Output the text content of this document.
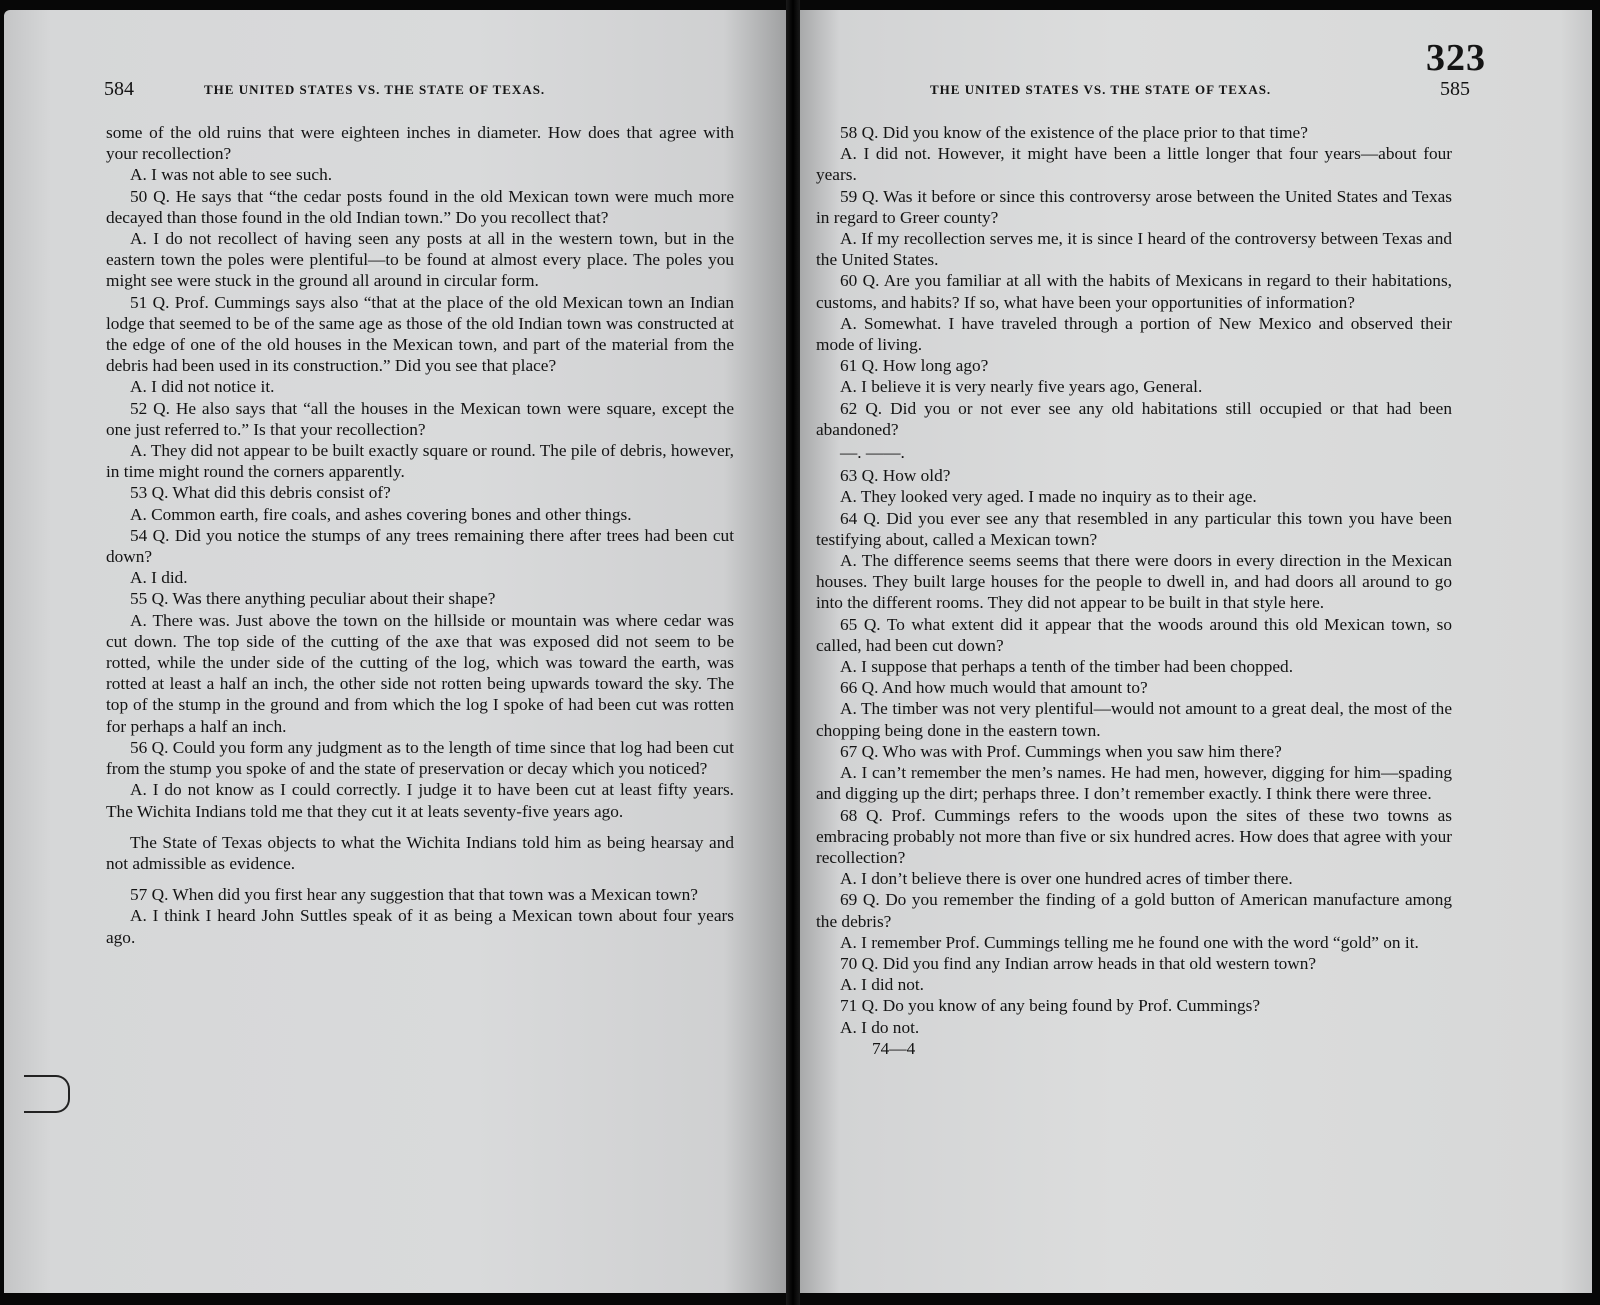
584	THE UNITED STATES VS. THE STATE OF TEXAS.

some of the old ruins that were eighteen inches in diameter. How does that agree with your recollection?

A. I was not able to see such.

50 Q. He says that “the cedar posts found in the old Mexican town were much more decayed than those found in the old Indian town.” Do you recollect that?

A. I do not recollect of having seen any posts at all in the western town, but in the eastern town the poles were plentiful—to be found at almost every place. The poles you might see were stuck in the ground all around in circular form.

51 Q. Prof. Cummings says also “that at the place of the old Mexican town an Indian lodge that seemed to be of the same age as those of the old Indian town was constructed at the edge of one of the old houses in the Mexican town, and part of the material from the debris had been used in its construction.” Did you see that place?

A. I did not notice it.

52 Q. He also says that “all the houses in the Mexican town were square, except the one just referred to.” Is that your recollection?

A. They did not appear to be built exactly square or round. The pile of debris, however, in time might round the corners apparently.

53 Q. What did this debris consist of?

A. Common earth, fire coals, and ashes covering bones and other things.

54 Q. Did you notice the stumps of any trees remaining there after trees had been cut down?

A. I did.

55 Q. Was there anything peculiar about their shape?

A. There was. Just above the town on the hillside or mountain was where cedar was cut down. The top side of the cutting of the axe that was exposed did not seem to be rotted, while the under side of the cutting of the log, which was toward the earth, was rotted at least a half an inch, the other side not rotten being upwards toward the sky. The top of the stump in the ground and from which the log I spoke of had been cut was rotten for perhaps a half an inch.

56 Q. Could you form any judgment as to the length of time since that log had been cut from the stump you spoke of and the state of preservation or decay which you noticed?

A. I do not know as I could correctly. I judge it to have been cut at least fifty years. The Wichita Indians told me that they cut it at leats seventy-five years ago.

The State of Texas objects to what the Wichita Indians told him as being hearsay and not admissible as evidence.

57 Q. When did you first hear any suggestion that that town was a Mexican town?

A. I think I heard John Suttles speak of it as being a Mexican town about four years ago.

323
THE UNITED STATES VS. THE STATE OF TEXAS.	585

58 Q. Did you know of the existence of the place prior to that time?

A. I did not. However, it might have been a little longer that four years—about four years.

59 Q. Was it before or since this controversy arose between the United States and Texas in regard to Greer county?

A. If my recollection serves me, it is since I heard of the controversy between Texas and the United States.

60 Q. Are you familiar at all with the habits of Mexicans in regard to their habitations, customs, and habits? If so, what have been your opportunities of information?

A. Somewhat. I have traveled through a portion of New Mexico and observed their mode of living.

61 Q. How long ago?

A. I believe it is very nearly five years ago, General.

62 Q. Did you or not ever see any old habitations still occupied or that had been abandoned?

—. ——.

63 Q. How old?

A. They looked very aged. I made no inquiry as to their age.

64 Q. Did you ever see any that resembled in any particular this town you have been testifying about, called a Mexican town?

A. The difference seems seems that there were doors in every direction in the Mexican houses. They built large houses for the people to dwell in, and had doors all around to go into the different rooms. They did not appear to be built in that style here.

65 Q. To what extent did it appear that the woods around this old Mexican town, so called, had been cut down?

A. I suppose that perhaps a tenth of the timber had been chopped.

66 Q. And how much would that amount to?

A. The timber was not very plentiful—would not amount to a great deal, the most of the chopping being done in the eastern town.

67 Q. Who was with Prof. Cummings when you saw him there?

A. I can’t remember the men’s names. He had men, however, digging for him—spading and digging up the dirt; perhaps three. I don’t remember exactly. I think there were three.

68 Q. Prof. Cummings refers to the woods upon the sites of these two towns as embracing probably not more than five or six hundred acres. How does that agree with your recollection?

A. I don’t believe there is over one hundred acres of timber there.

69 Q. Do you remember the finding of a gold button of American manufacture among the debris?

A. I remember Prof. Cummings telling me he found one with the word “gold” on it.

70 Q. Did you find any Indian arrow heads in that old western town?

A. I did not.

71 Q. Do you know of any being found by Prof. Cummings?

A. I do not.

74—4
